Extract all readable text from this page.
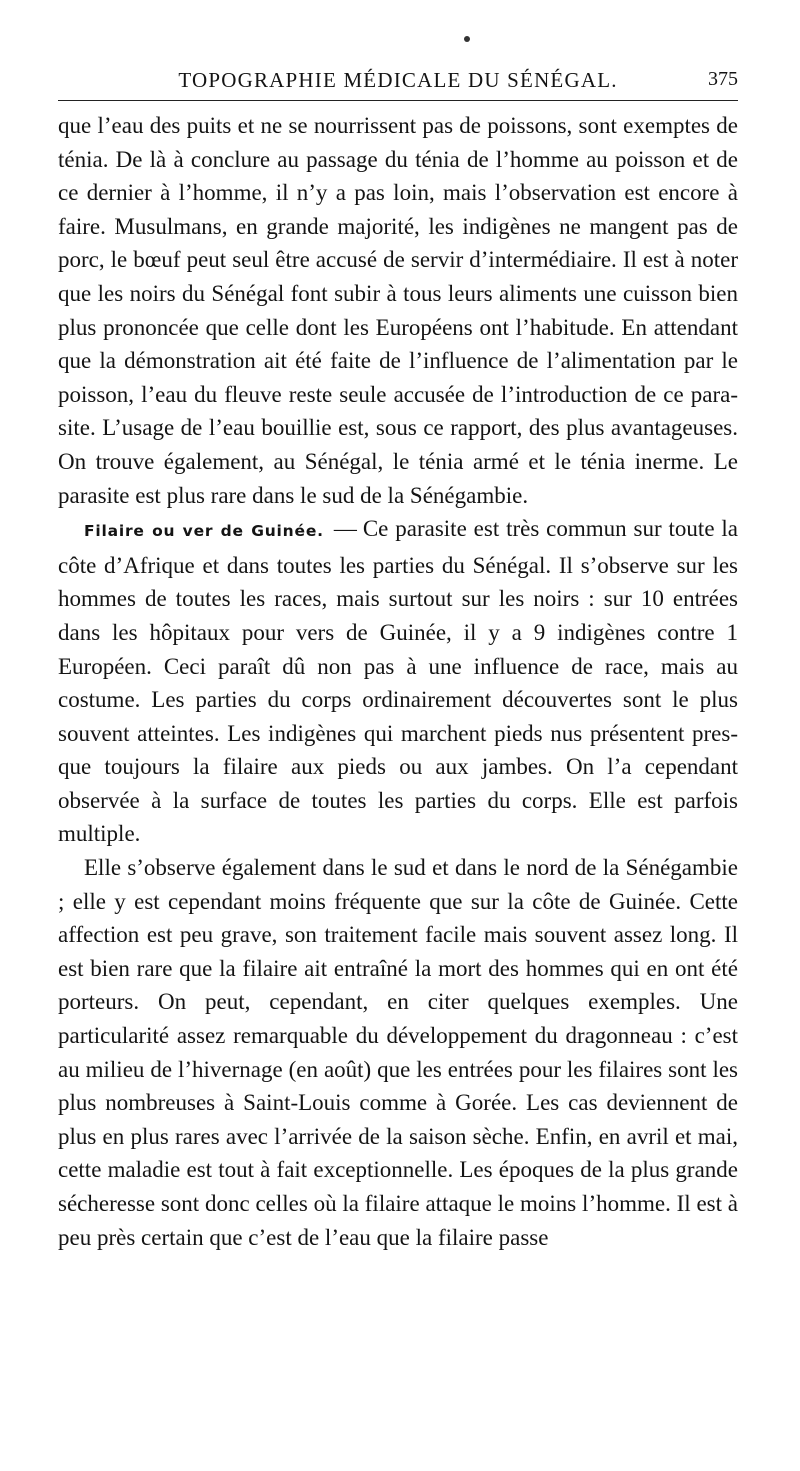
TOPOGRAPHIE MÉDICALE DU SÉNÉGAL.	375

que l’eau des puits et ne se nourrissent pas de poissons, sont exemptes de ténia. De là à conclure au passage du ténia de l’homme au poisson et de ce dernier à l’homme, il n’y a pas loin, mais l’observation est encore à faire. Musulmans, en grande majorité, les indigènes ne mangent pas de porc, le bœuf peut seul être accusé de servir d’intermédiaire. Il est à noter que les noirs du Sénégal font subir à tous leurs aliments une cuisson bien plus prononcée que celle dont les Européens ont l’habitude. En attendant que la démonstration ait été faite de l’influence de l’alimentation par le poisson, l’eau du fleuve reste seule accusée de l’introduction de ce parasite. L’usage de l’eau bouillie est, sous ce rapport, des plus avantageuses. On trouve également, au Sénégal, le ténia armé et le ténia inerme. Le parasite est plus rare dans le sud de la Sénégambie.

Filaire ou ver de Guinée. — Ce parasite est très commun sur toute la côte d’Afrique et dans toutes les parties du Sénégal. Il s’observe sur les hommes de toutes les races, mais surtout sur les noirs : sur 10 entrées dans les hôpitaux pour vers de Guinée, il y a 9 indigènes contre 1 Européen. Ceci paraît dû non pas à une influence de race, mais au costume. Les parties du corps ordinairement découvertes sont le plus souvent atteintes. Les indigènes qui marchent pieds nus présentent presque toujours la filaire aux pieds ou aux jambes. On l’a cependant observée à la surface de toutes les parties du corps. Elle est parfois multiple.

Elle s’observe également dans le sud et dans le nord de la Sénégambie ; elle y est cependant moins fréquente que sur la côte de Guinée. Cette affection est peu grave, son traitement facile mais souvent assez long. Il est bien rare que la filaire ait entraîné la mort des hommes qui en ont été porteurs. On peut, cependant, en citer quelques exemples. Une particularité assez remarquable du développement du dragonneau : c’est au milieu de l’hivernage (en août) que les entrées pour les filaires sont les plus nombreuses à Saint-Louis comme à Gorée. Les cas deviennent de plus en plus rares avec l’arrivée de la saison sèche. Enfin, en avril et mai, cette maladie est tout à fait exceptionnelle. Les époques de la plus grande sécheresse sont donc celles où la filaire attaque le moins l’homme. Il est à peu près certain que c’est de l’eau que la filaire passe
